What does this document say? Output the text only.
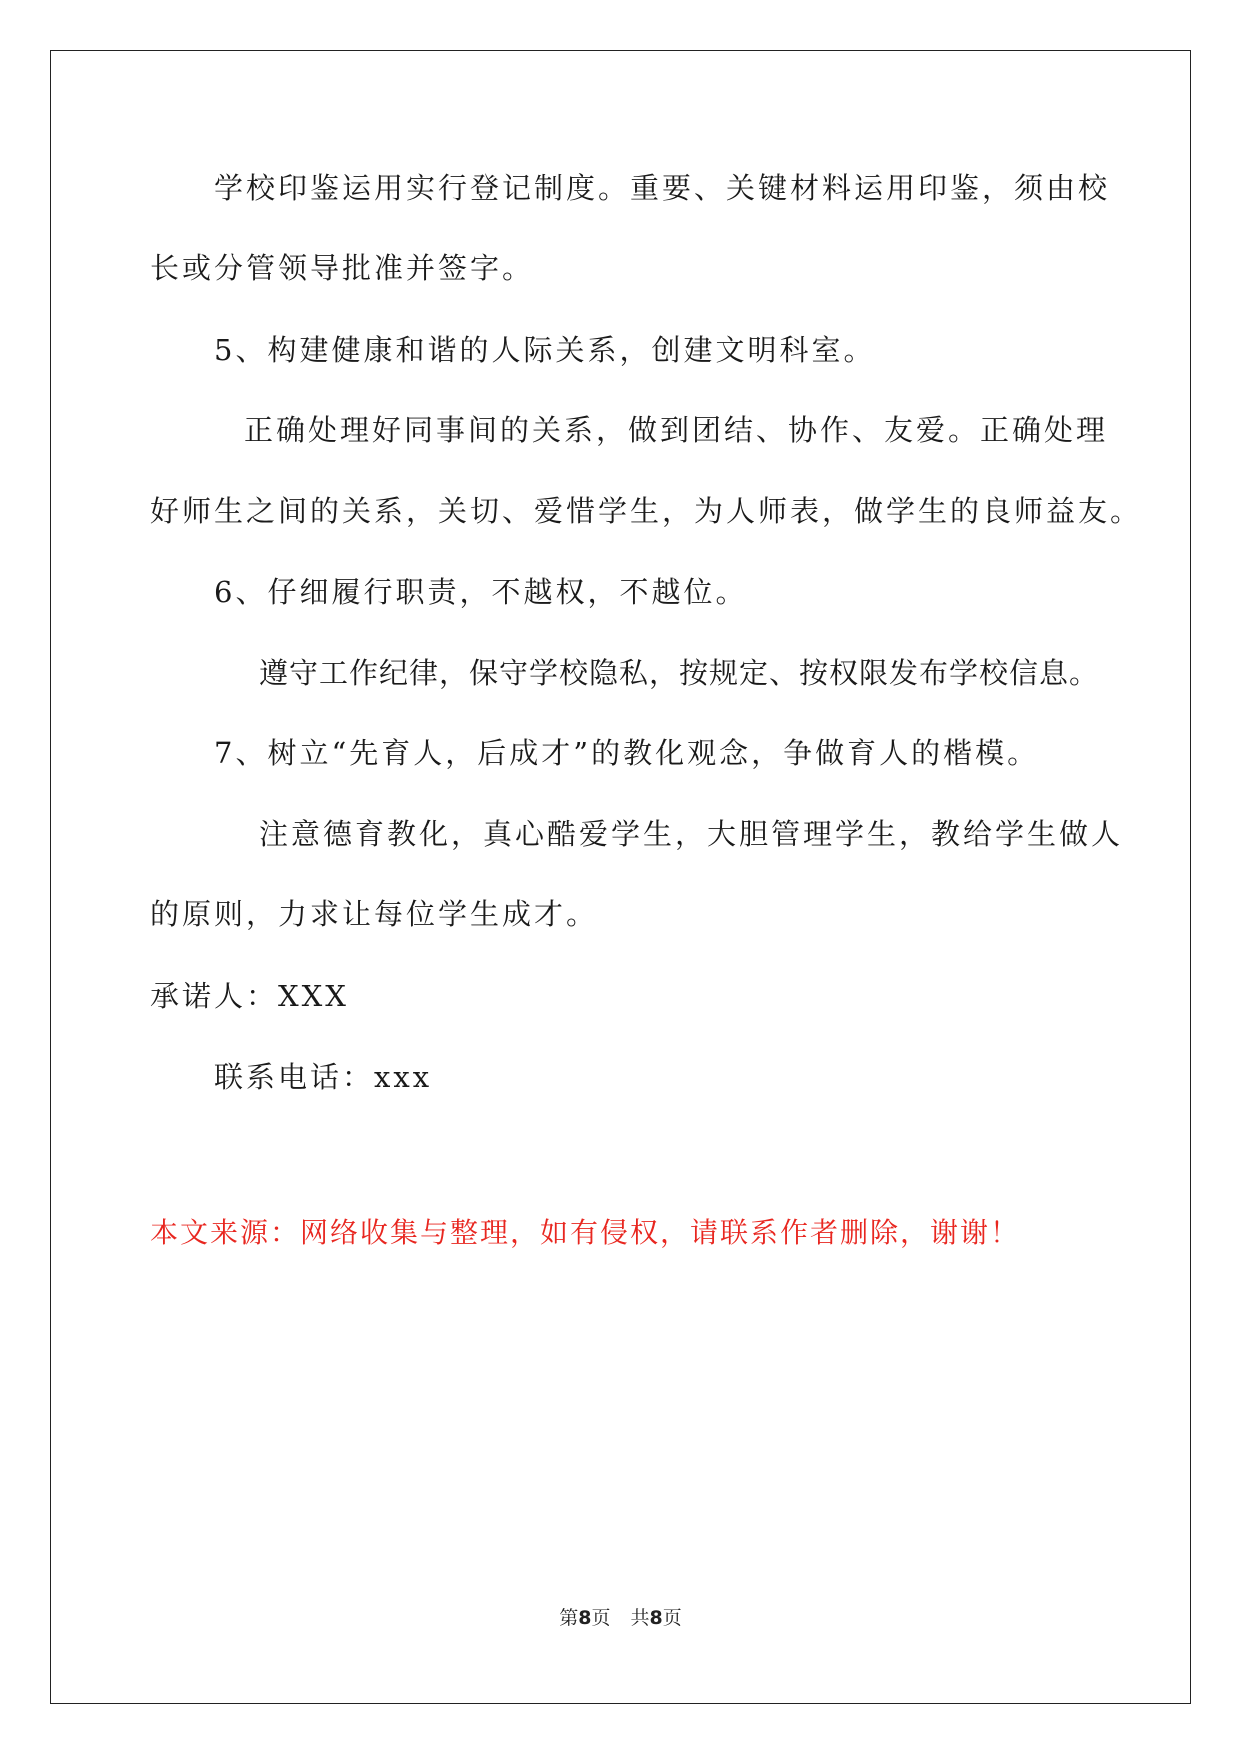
学校印鉴运用实行登记制度。重要、关键材料运用印鉴，须由校
长或分管领导批准并签字。
5、构建健康和谐的人际关系，创建文明科室。
正确处理好同事间的关系，做到团结、协作、友爱。正确处理
好师生之间的关系，关切、爱惜学生，为人师表，做学生的良师益友。
6、仔细履行职责，不越权，不越位。
遵守工作纪律，保守学校隐私，按规定、按权限发布学校信息。
7、树立“先育人，后成才”的教化观念，争做育人的楷模。
注意德育教化，真心酷爱学生，大胆管理学生，教给学生做人
的原则，力求让每位学生成才。
承诺人：XXX
联系电话：xxx
本文来源：网络收集与整理，如有侵权，请联系作者删除，谢谢！
第8页 共8页
